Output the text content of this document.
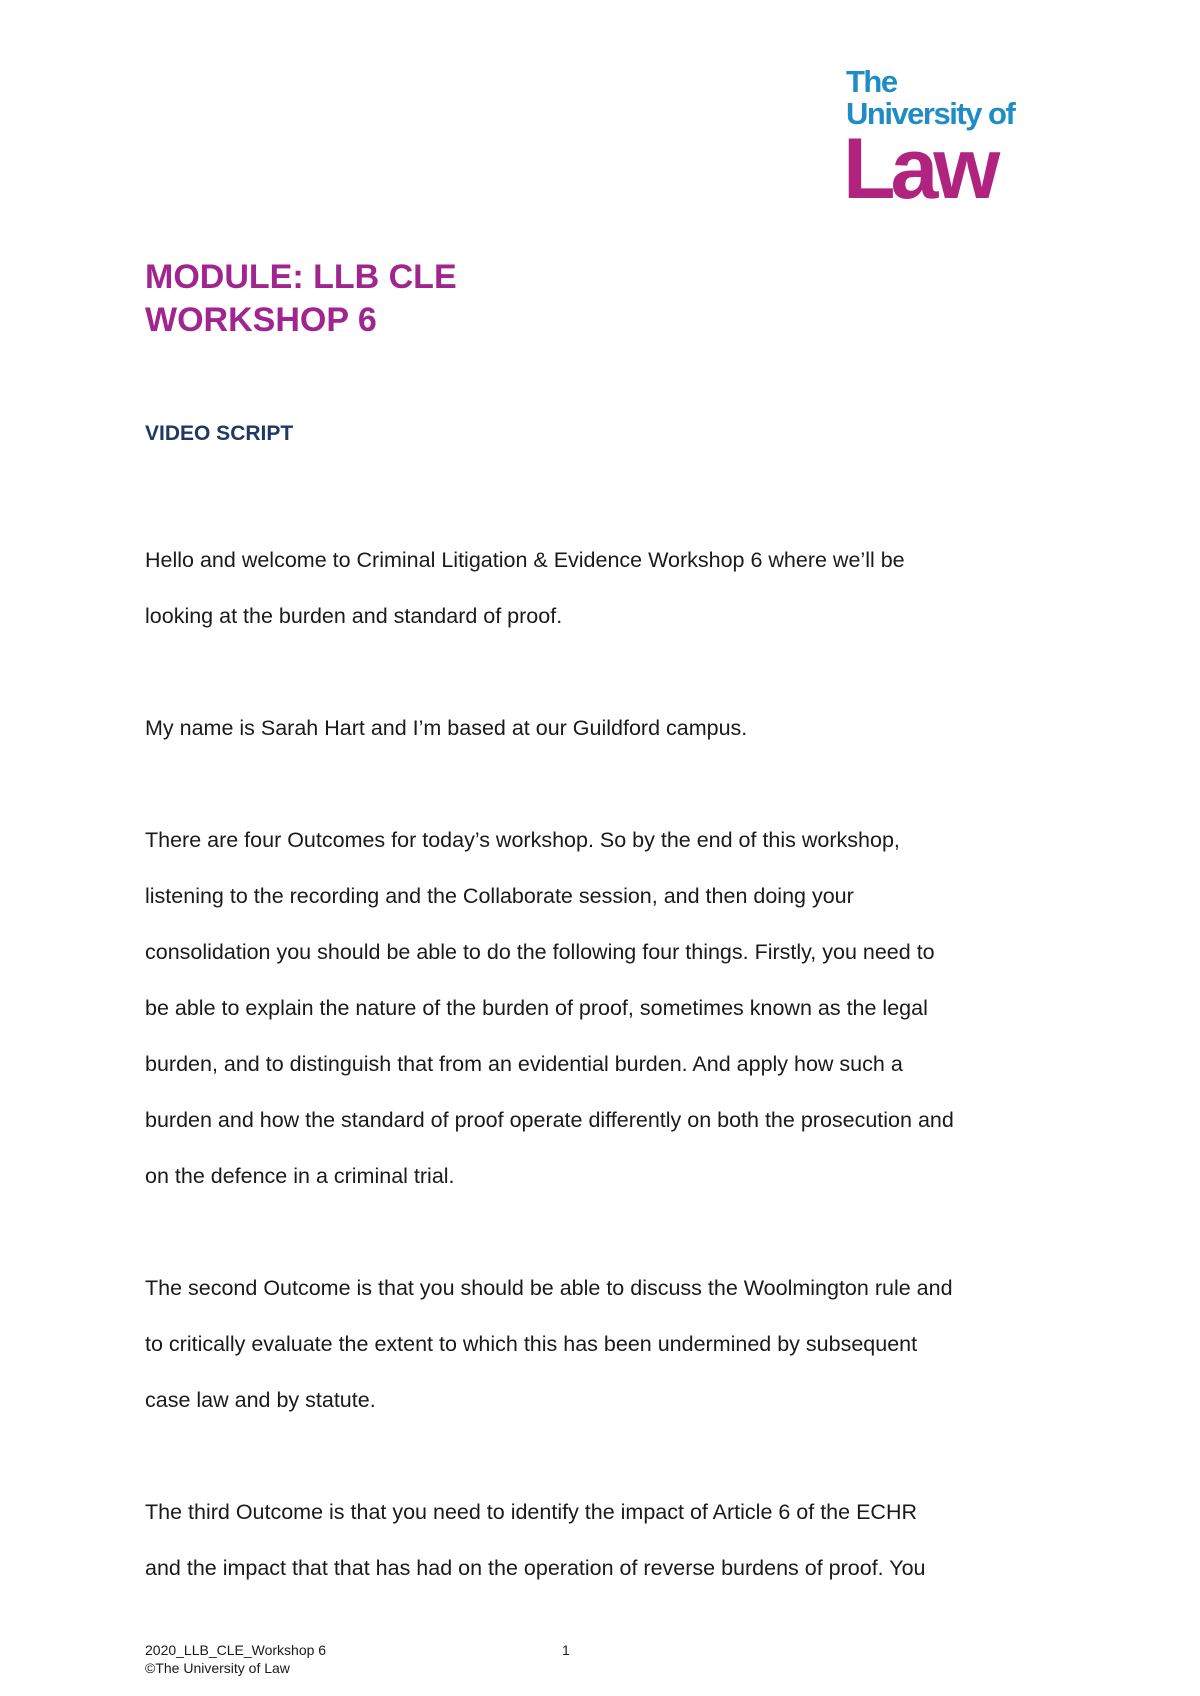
The
University of
Law
MODULE: LLB CLE
WORKSHOP 6
VIDEO SCRIPT
Hello and welcome to Criminal Litigation & Evidence Workshop 6 where we’ll be
looking at the burden and standard of proof.
My name is Sarah Hart and I’m based at our Guildford campus.
There are four Outcomes for today’s workshop. So by the end of this workshop,
listening to the recording and the Collaborate session, and then doing your
consolidation you should be able to do the following four things. Firstly, you need to
be able to explain the nature of the burden of proof, sometimes known as the legal
burden, and to distinguish that from an evidential burden. And apply how such a
burden and how the standard of proof operate differently on both the prosecution and
on the defence in a criminal trial.
The second Outcome is that you should be able to discuss the Woolmington rule and
to critically evaluate the extent to which this has been undermined by subsequent
case law and by statute.
The third Outcome is that you need to identify the impact of Article 6 of the ECHR
and the impact that that has had on the operation of reverse burdens of proof. You
2020_LLB_CLE_Workshop 6
©The University of Law
1
